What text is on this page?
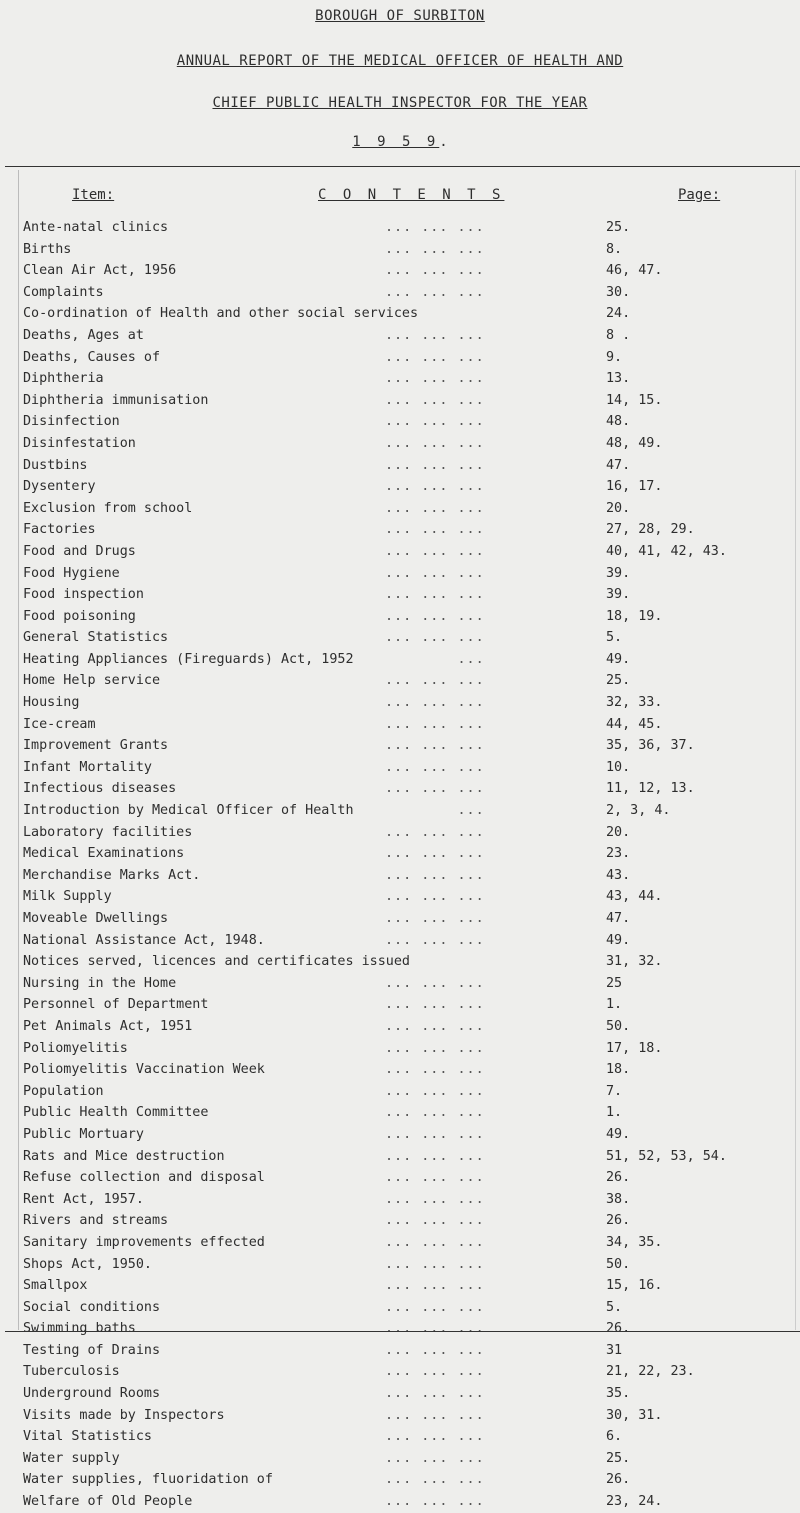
BOROUGH OF SURBITON
ANNUAL REPORT OF THE MEDICAL OFFICER OF HEALTH AND
CHIEF PUBLIC HEALTH INSPECTOR FOR THE YEAR
1 9 5 9.
Item:	C O N T E N T S	Page:
Ante-natal clinics	... ... ...	25.
Births	... ... ...	8.
Clean Air Act, 1956	... ... ...	46, 47.
Complaints	... ... ...	30.
Co-ordination of Health and other social services	24.
Deaths, Ages at	... ... ...	8 .
Deaths, Causes of	... ... ...	9.
Diphtheria	... ... ...	13.
Diphtheria immunisation	... ... ...	14, 15.
Disinfection	... ... ...	48.
Disinfestation	... ... ...	48, 49.
Dustbins	... ... ...	47.
Dysentery	... ... ...	16, 17.
Exclusion from school	... ... ...	20.
Factories	... ... ...	27, 28, 29.
Food and Drugs	... ... ...	40, 41, 42, 43.
Food Hygiene	... ... ...	39.
Food inspection	... ... ...	39.
Food poisoning	... ... ...	18, 19.
General Statistics	... ... ...	5.
Heating Appliances (Fireguards) Act, 1952 ...	49.
Home Help service	... ... ...	25.
Housing	... ... ...	32, 33.
Ice-cream	... ... ...	44, 45.
Improvement Grants	... ... ...	35, 36, 37.
Infant Mortality	... ... ...	10.
Infectious diseases	... ... ...	11, 12, 13.
Introduction by Medical Officer of Health ...	2, 3, 4.
Laboratory facilities	... ... ...	20.
Medical Examinations	... ... ...	23.
Merchandise Marks Act.	... ... ...	43.
Milk Supply	... ... ...	43, 44.
Moveable Dwellings	... ... ...	47.
National Assistance Act, 1948.	... ... ...	49.
Notices served, licences and certificates issued	31, 32.
Nursing in the Home	... ... ...	25
Personnel of Department	... ... ...	1.
Pet Animals Act, 1951	... ... ...	50.
Poliomyelitis	... ... ...	17, 18.
Poliomyelitis Vaccination Week	... ... ...	18.
Population	... ... ...	7.
Public Health Committee	... ... ...	1.
Public Mortuary	... ... ...	49.
Rats and Mice destruction	... ... ...	51, 52, 53, 54.
Refuse collection and disposal	... ... ...	26.
Rent Act, 1957.	... ... ...	38.
Rivers and streams	... ... ...	26.
Sanitary improvements effected	... ... ...	34, 35.
Shops Act, 1950.	... ... ...	50.
Smallpox	... ... ...	15, 16.
Social conditions	... ... ...	5.
Swimming baths	... ... ...	26.
Testing of Drains	... ... ...	31
Tuberculosis	... ... ...	21, 22, 23.
Underground Rooms	... ... ...	35.
Visits made by Inspectors	... ... ...	30, 31.
Vital Statistics	... ... ...	6.
Water supply	... ... ...	25.
Water supplies, fluoridation of	... ... ...	26.
Welfare of Old People	... ... ...	23, 24.
